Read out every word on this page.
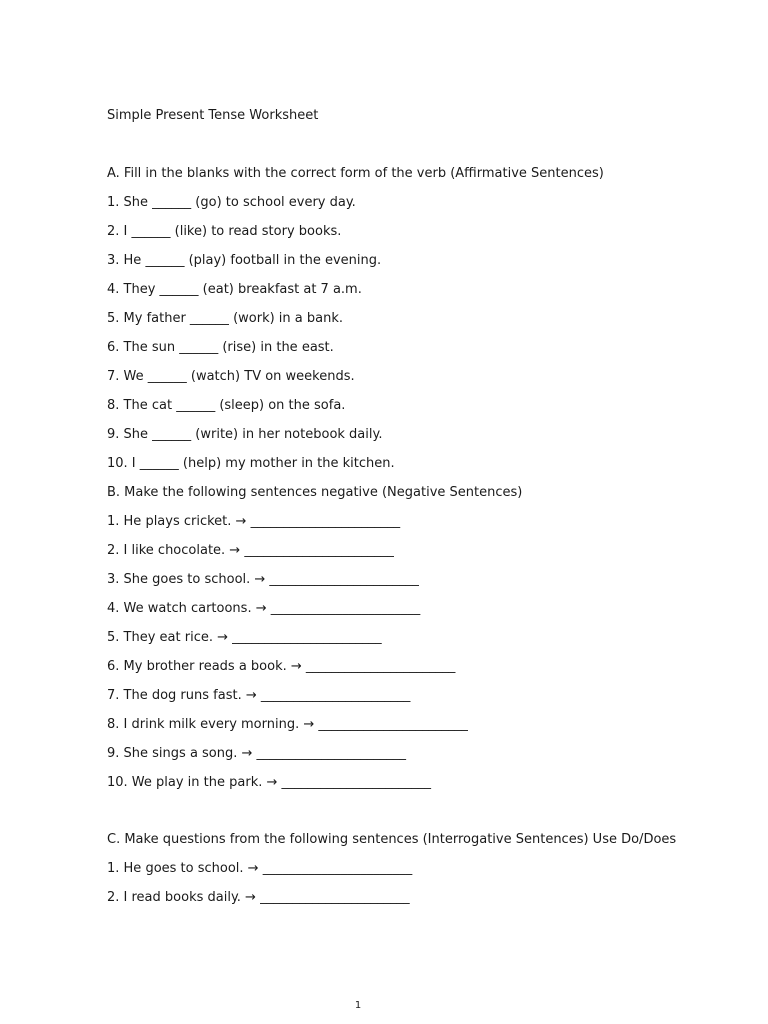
Simple Present Tense Worksheet
A. Fill in the blanks with the correct form of the verb (Affirmative Sentences)
1. She ______ (go) to school every day.
2. I ______ (like) to read story books.
3. He ______ (play) football in the evening.
4. They ______ (eat) breakfast at 7 a.m.
5. My father ______ (work) in a bank.
6. The sun ______ (rise) in the east.
7. We ______ (watch) TV on weekends.
8. The cat ______ (sleep) on the sofa.
9. She ______ (write) in her notebook daily.
10. I ______ (help) my mother in the kitchen.
B. Make the following sentences negative (Negative Sentences)
1. He plays cricket. → _______________________
2. I like chocolate. → _______________________
3. She goes to school. → _______________________
4. We watch cartoons. → _______________________
5. They eat rice. → _______________________
6. My brother reads a book. → _______________________
7. The dog runs fast. → _______________________
8. I drink milk every morning. → _______________________
9. She sings a song. → _______________________
10. We play in the park. → _______________________
C. Make questions from the following sentences (Interrogative Sentences) Use Do/Does
1. He goes to school. → _______________________
2. I read books daily. → _______________________
1
